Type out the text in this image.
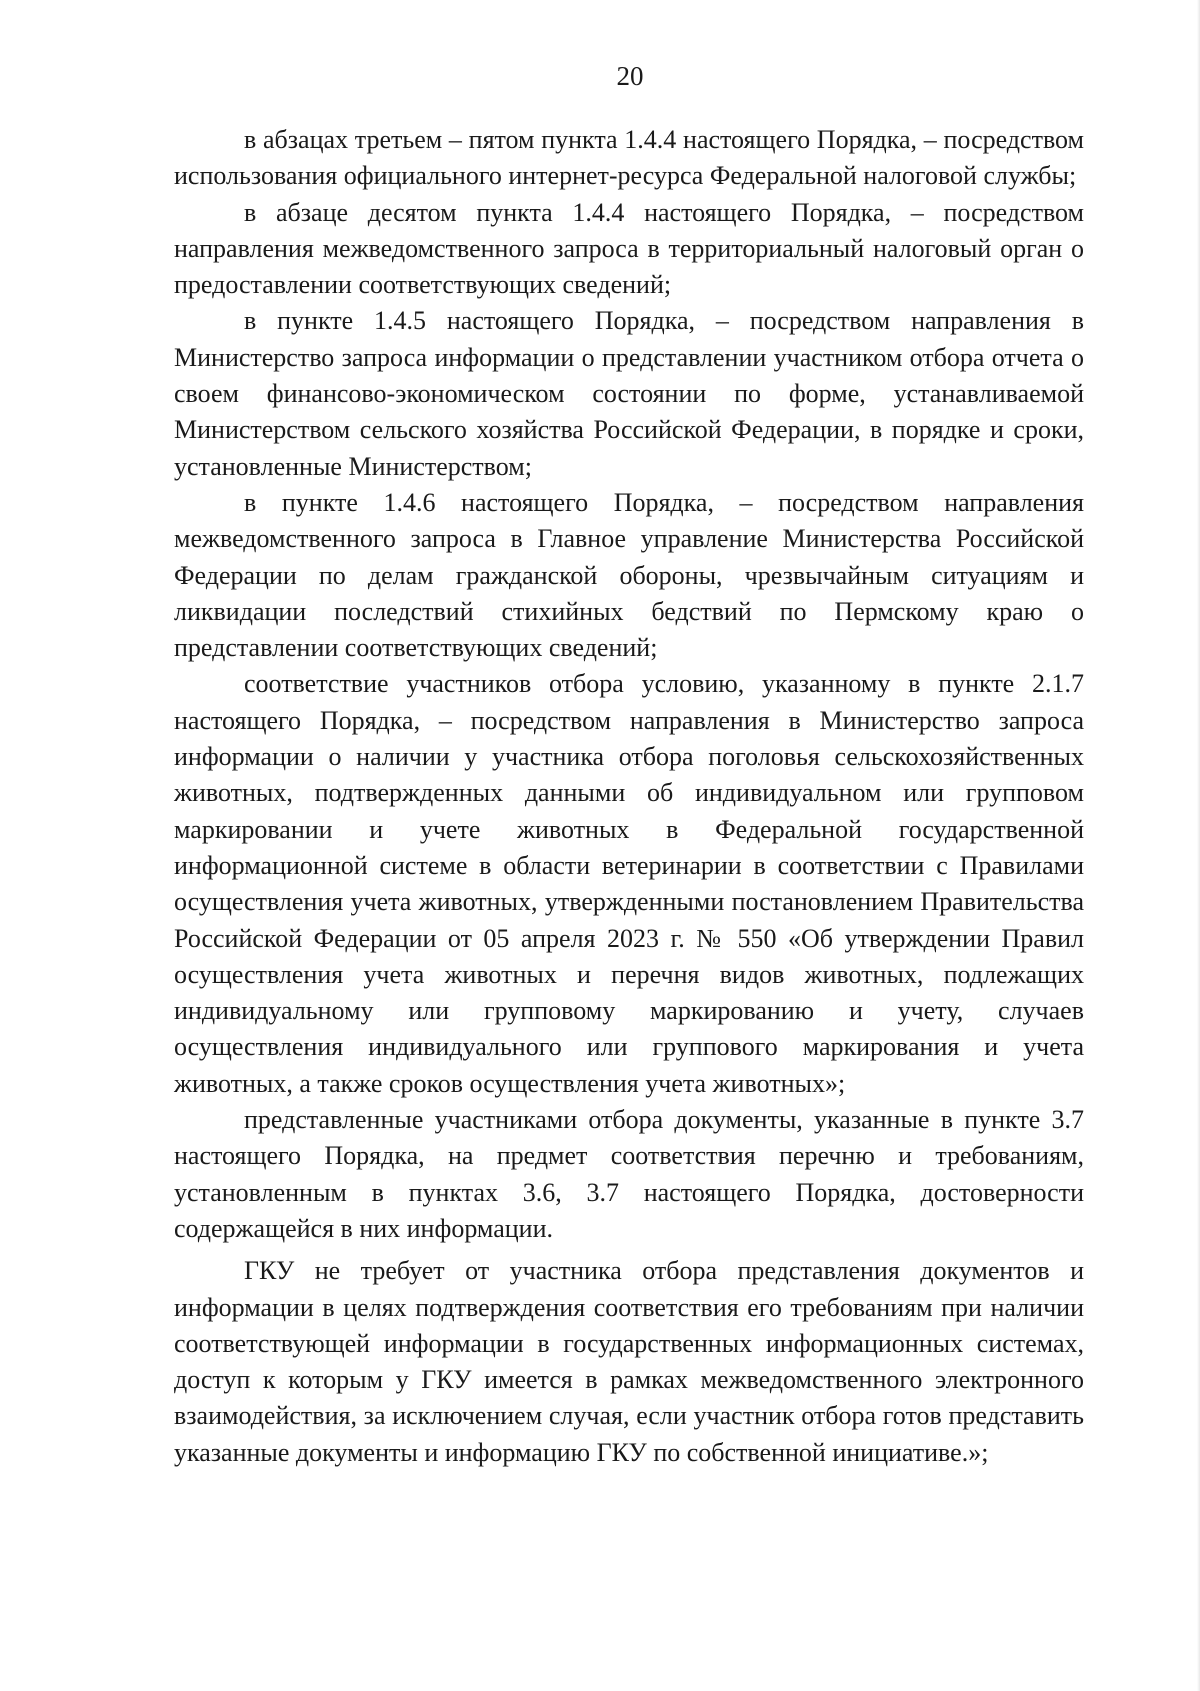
20

в абзацах третьем – пятом пункта 1.4.4 настоящего Порядка, – посредством использования официального интернет-ресурса Федеральной налоговой службы;

в абзаце десятом пункта 1.4.4 настоящего Порядка, – посредством направления межведомственного запроса в территориальный налоговый орган о предоставлении соответствующих сведений;

в пункте 1.4.5 настоящего Порядка, – посредством направления в Министерство запроса информации о представлении участником отбора отчета о своем финансово-экономическом состоянии по форме, устанавливаемой Министерством сельского хозяйства Российской Федерации, в порядке и сроки, установленные Министерством;

в пункте 1.4.6 настоящего Порядка, – посредством направления межведомственного запроса в Главное управление Министерства Российской Федерации по делам гражданской обороны, чрезвычайным ситуациям и ликвидации последствий стихийных бедствий по Пермскому краю о представлении соответствующих сведений;

соответствие участников отбора условию, указанному в пункте 2.1.7 настоящего Порядка, – посредством направления в Министерство запроса информации о наличии у участника отбора поголовья сельскохозяйственных животных, подтвержденных данными об индивидуальном или групповом маркировании и учете животных в Федеральной государственной информационной системе в области ветеринарии в соответствии с Правилами осуществления учета животных, утвержденными постановлением Правительства Российской Федерации от 05 апреля 2023 г. № 550 «Об утверждении Правил осуществления учета животных и перечня видов животных, подлежащих индивидуальному или групповому маркированию и учету, случаев осуществления индивидуального или группового маркирования и учета животных, а также сроков осуществления учета животных»;

представленные участниками отбора документы, указанные в пункте 3.7 настоящего Порядка, на предмет соответствия перечню и требованиям, установленным в пунктах 3.6, 3.7 настоящего Порядка, достоверности содержащейся в них информации.

ГКУ не требует от участника отбора представления документов и информации в целях подтверждения соответствия его требованиям при наличии соответствующей информации в государственных информационных системах, доступ к которым у ГКУ имеется в рамках межведомственного электронного взаимодействия, за исключением случая, если участник отбора готов представить указанные документы и информацию ГКУ по собственной инициативе.»;
